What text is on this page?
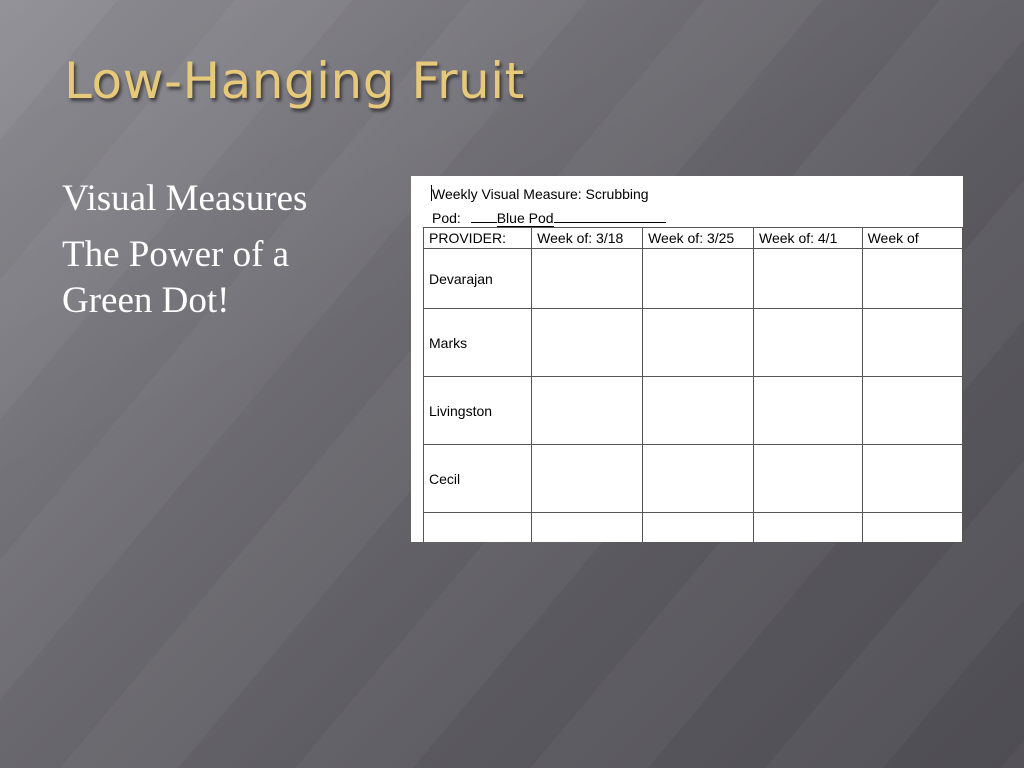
Low-Hanging Fruit
Visual Measures
The Power of a Green Dot!
Weekly Visual Measure: Scrubbing
Pod:	Blue Pod
PROVIDER:	Week of: 3/18	Week of: 3/25	Week of: 4/1	Week of
Devarajan				
Marks				
Livingston				
Cecil				
